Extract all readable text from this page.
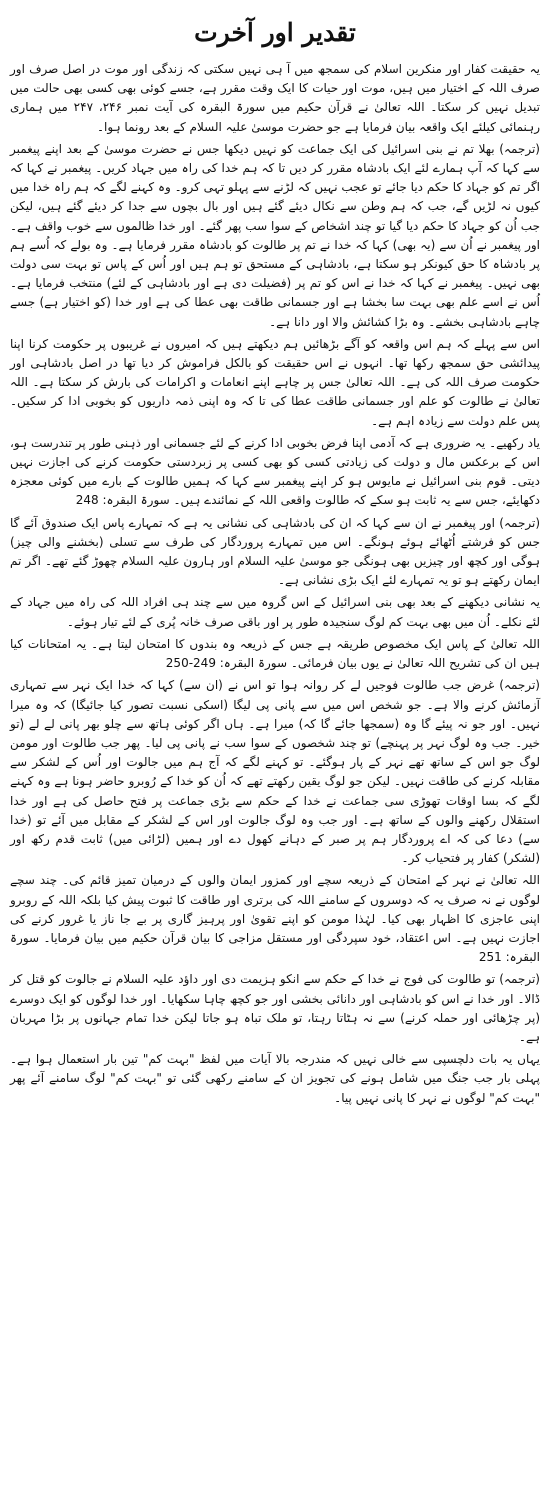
تقدیر اور آخرت

یہ حقیقت کفار اور منکرین اسلام کی سمجھ میں آ ہی نہیں سکتی کہ زندگی اور موت در اصل صرف اور صرف اللہ کے اختیار میں ہیں، موت اور حیات کا ایک وقت مقرر ہے، جسے کوئی بھی کسی بھی حالت میں تبدیل نہیں کر سکتا۔ اللہ تعالیٰ نے قرآن حکیم میں سورۃ البقرہ کی آیت نمبر ۲۴۶، ۲۴۷ میں ہماری رہنمائی کیلئے ایک واقعہ بیان فرمایا ہے جو حضرت موسیٰ علیہ السلام کے بعد رونما ہوا۔

(ترجمہ) بھلا تم نے بنی اسرائیل کی ایک جماعت کو نہیں دیکھا جس نے حضرت موسیٰ کے بعد اپنے پیغمبر سے کہا کہ آپ ہمارے لئے ایک بادشاہ مقرر کر دیں تا کہ ہم خدا کی راہ میں جہاد کریں۔ پیغمبر نے کہا کہ اگر تم کو جہاد کا حکم دیا جائے تو عجب نہیں کہ لڑنے سے پہلو تہی کرو۔ وہ کہنے لگے کہ ہم راہ خدا میں کیوں نہ لڑیں گے، جب کہ ہم وطن سے نکال دیئے گئے ہیں اور بال بچوں سے جدا کر دیئے گئے ہیں، لیکن جب اُن کو جہاد کا حکم دیا گیا تو چند اشخاص کے سوا سب پھر گئے۔ اور خدا ظالموں سے خوب واقف ہے۔ اور پیغمبر نے اُن سے (یہ بھی) کہا کہ خدا نے تم پر طالوت کو بادشاہ مقرر فرمایا ہے۔ وہ بولے کہ اُسے ہم پر بادشاہ کا حق کیونکر ہو سکتا ہے، بادشاہی کے مستحق تو ہم ہیں اور اُس کے پاس تو بہت سی دولت بھی نہیں۔ پیغمبر نے کہا کہ خدا نے اس کو تم پر (فضیلت دی ہے اور بادشاہی کے لئے) منتخب فرمایا ہے۔ اُس نے اسے علم بھی بہت سا بخشا ہے اور جسمانی طاقت بھی عطا کی ہے اور خدا (کو اختیار ہے) جسے چاہے بادشاہی بخشے۔ وہ بڑا کشائش والا اور دانا ہے۔

اس سے پہلے کہ ہم اس واقعہ کو آگے بڑھائیں ہم دیکھتے ہیں کہ امیروں نے غریبوں پر حکومت کرنا اپنا پیدائشی حق سمجھ رکھا تھا۔ انہوں نے اس حقیقت کو بالکل فراموش کر دیا تھا در اصل بادشاہی اور حکومت صرف اللہ کی ہے۔ اللہ تعالیٰ جس پر چاہے اپنے انعامات و اکرامات کی بارش کر سکتا ہے۔ اللہ تعالیٰ نے طالوت کو علم اور جسمانی طاقت عطا کی تا کہ وہ اپنی ذمہ داریوں کو بخوبی ادا کر سکیں۔ پس علم دولت سے زیادہ اہم ہے۔

یاد رکھیے۔ یہ ضروری ہے کہ آدمی اپنا فرض بخوبی ادا کرنے کے لئے جسمانی اور ذہنی طور پر تندرست ہو، اس کے برعکس مال و دولت کی زیادتی کسی کو بھی کسی پر زبردستی حکومت کرنے کی اجازت نہیں دیتی۔ قوم بنی اسرائیل نے مایوس ہو کر اپنے پیغمبر سے کہا کہ ہمیں طالوت کے بارے میں کوئی معجزہ دکھایئے، جس سے یہ ثابت ہو سکے کہ طالوت واقعی اللہ کے نمائندے ہیں۔ سورۃ البقرہ: 248

(ترجمہ) اور پیغمبر نے ان سے کہا کہ ان کی بادشاہی کی نشانی یہ ہے کہ تمہارے پاس ایک صندوق آئے گا جس کو فرشتے اُٹھائے ہوئے ہونگے۔ اس میں تمہارے پروردگار کی طرف سے تسلی (بخشنے والی چیز) ہوگی اور کچھ اور چیزیں بھی ہونگی جو موسیٰ علیہ السلام اور ہارون علیہ السلام چھوڑ گئے تھے۔ اگر تم ایمان رکھتے ہو تو یہ تمہارے لئے ایک بڑی نشانی ہے۔

یہ نشانی دیکھنے کے بعد بھی بنی اسرائیل کے اس گروہ میں سے چند ہی افراد اللہ کی راہ میں جہاد کے لئے نکلے۔ اُن میں بھی بہت کم لوگ سنجیدہ طور پر اور باقی صرف خانہ پُری کے لئے تیار ہوئے۔

اللہ تعالیٰ کے پاس ایک مخصوص طریقہ ہے جس کے ذریعہ وہ بندوں کا امتحان لیتا ہے۔ یہ امتحانات کیا ہیں ان کی تشریح اللہ تعالیٰ نے یوں بیان فرمائی۔ سورۃ البقرہ: 249-250

(ترجمہ) غرض جب طالوت فوجیں لے کر روانہ ہوا تو اس نے (ان سے) کہا کہ خدا ایک نہر سے تمہاری آزمائش کرنے والا ہے۔ جو شخص اس میں سے پانی پی لیگا (اسکی نسبت تصور کیا جائیگا) کہ وہ میرا نہیں۔ اور جو نہ پیئے گا وہ (سمجھا جائے گا کہ) میرا ہے۔ ہاں اگر کوئی ہاتھ سے چلو بھر پانی لے لے (تو خیر۔ جب وہ لوگ نہر پر پہنچے) تو چند شخصوں کے سوا سب نے پانی پی لیا۔ پھر جب طالوت اور مومن لوگ جو اس کے ساتھ تھے نہر کے پار ہوگئے۔ تو کہنے لگے کہ آج ہم میں جالوت اور اُس کے لشکر سے مقابلہ کرنے کی طاقت نہیں۔ لیکن جو لوگ یقین رکھتے تھے کہ اُن کو خدا کے رُوبرو حاضر ہونا ہے وہ کہنے لگے کہ بسا اوقات تھوڑی سی جماعت نے خدا کے حکم سے بڑی جماعت پر فتح حاصل کی ہے اور خدا استقلال رکھنے والوں کے ساتھ ہے۔ اور جب وہ لوگ جالوت اور اس کے لشکر کے مقابل میں آئے تو (خدا سے) دعا کی کہ اے پروردگار ہم پر صبر کے دہانے کھول دے اور ہمیں (لڑائی میں) ثابت قدم رکھ اور (لشکر) کفار پر فتحیاب کر۔

اللہ تعالیٰ نے نہر کے امتحان کے ذریعہ سچے اور کمزور ایمان والوں کے درمیان تمیز قائم کی۔ چند سچے لوگوں نے نہ صرف یہ کہ دوسروں کے سامنے اللہ کی برتری اور طاقت کا ثبوت پیش کیا بلکہ اللہ کے روبرو اپنی عاجزی کا اظہار بھی کیا۔ لہٰذا مومن کو اپنے تقویٰ اور پرہیز گاری پر بے جا ناز یا غرور کرنے کی اجازت نہیں ہے۔ اس اعتقاد، خود سپردگی اور مستقل مزاجی کا بیان قرآن حکیم میں بیان فرمایا۔ سورۃ البقرہ: 251

(ترجمہ) تو طالوت کی فوج نے خدا کے حکم سے انکو ہزیمت دی اور داؤد علیہ السلام نے جالوت کو قتل کر ڈالا۔ اور خدا نے اس کو بادشاہی اور دانائی بخشی اور جو کچھ چاہا سکھایا۔ اور خدا لوگوں کو ایک دوسرے (پر چڑھائی اور حملہ کرنے) سے نہ ہٹاتا رہتا، تو ملک تباہ ہو جاتا لیکن خدا تمام جہانوں پر بڑا مہربان ہے۔

یہاں یہ بات دلچسپی سے خالی نہیں کہ مندرجہ بالا آیات میں لفظ "بہت کم" تین بار استعمال ہوا ہے۔ پہلی بار جب جنگ میں شامل ہونے کی تجویز ان کے سامنے رکھی گئی تو "بہت کم" لوگ سامنے آئے پھر "بہت کم" لوگوں نے نہر کا پانی نہیں پیا۔
